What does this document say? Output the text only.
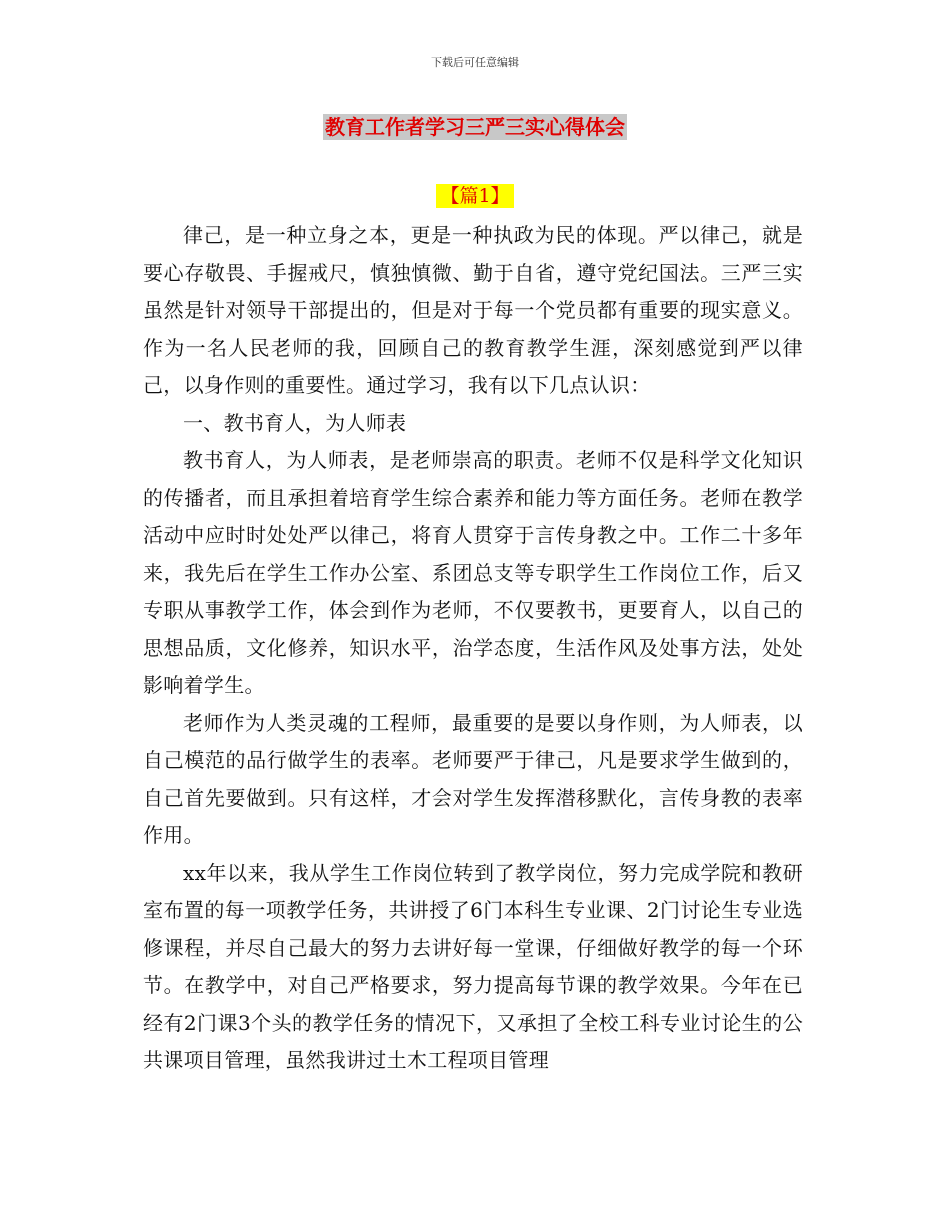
下载后可任意编辑
教育工作者学习三严三实心得体会
【篇1】

律己，是一种立身之本，更是一种执政为民的体现。严以律己，就是要心存敬畏、手握戒尺，慎独慎微、勤于自省，遵守党纪国法。三严三实虽然是针对领导干部提出的，但是对于每一个党员都有重要的现实意义。作为一名人民老师的我，回顾自己的教育教学生涯，深刻感觉到严以律己，以身作则的重要性。通过学习，我有以下几点认识：

一、教书育人，为人师表

教书育人，为人师表，是老师崇高的职责。老师不仅是科学文化知识的传播者，而且承担着培育学生综合素养和能力等方面任务。老师在教学活动中应时时处处严以律己，将育人贯穿于言传身教之中。工作二十多年来，我先后在学生工作办公室、系团总支等专职学生工作岗位工作，后又专职从事教学工作，体会到作为老师，不仅要教书，更要育人，以自己的思想品质，文化修养，知识水平，治学态度，生活作风及处事方法，处处影响着学生。

老师作为人类灵魂的工程师，最重要的是要以身作则，为人师表，以自己模范的品行做学生的表率。老师要严于律己，凡是要求学生做到的，自己首先要做到。只有这样，才会对学生发挥潜移默化，言传身教的表率作用。

xx年以来，我从学生工作岗位转到了教学岗位，努力完成学院和教研室布置的每一项教学任务，共讲授了6门本科生专业课、2门讨论生专业选修课程，并尽自己最大的努力去讲好每一堂课，仔细做好教学的每一个环节。在教学中，对自己严格要求，努力提高每节课的教学效果。今年在已经有2门课3个头的教学任务的情况下，又承担了全校工科专业讨论生的公共课项目管理，虽然我讲过土木工程项目管理
